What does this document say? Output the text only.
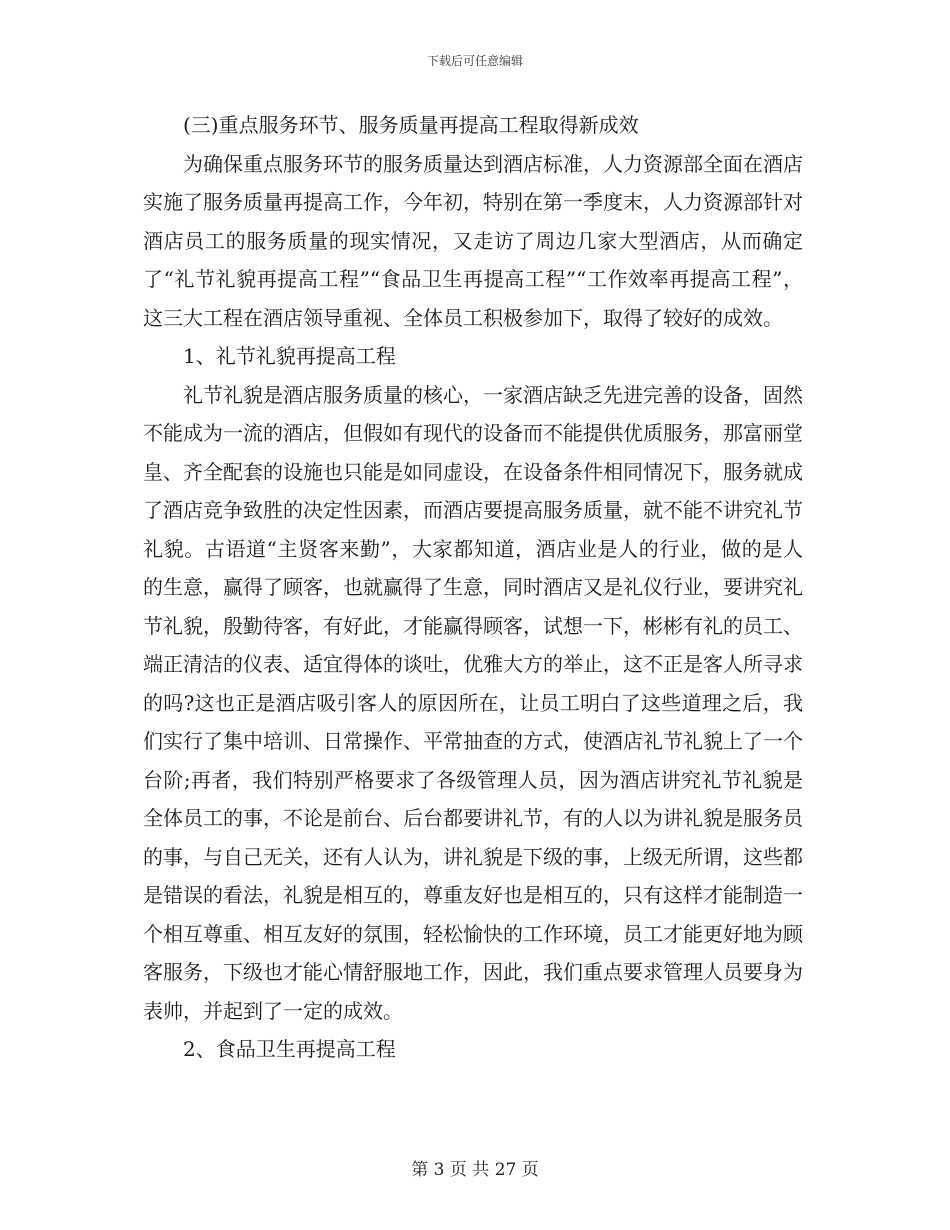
下载后可任意编辑

(三)重点服务环节、服务质量再提高工程取得新成效

为确保重点服务环节的服务质量达到酒店标准，人力资源部全面在酒店实施了服务质量再提高工作，今年初，特别在第一季度末，人力资源部针对酒店员工的服务质量的现实情况，又走访了周边几家大型酒店，从而确定了“礼节礼貌再提高工程”“食品卫生再提高工程”“工作效率再提高工程”，这三大工程在酒店领导重视、全体员工积极参加下，取得了较好的成效。

1、礼节礼貌再提高工程

礼节礼貌是酒店服务质量的核心，一家酒店缺乏先进完善的设备，固然不能成为一流的酒店，但假如有现代的设备而不能提供优质服务，那富丽堂皇、齐全配套的设施也只能是如同虚设，在设备条件相同情况下，服务就成了酒店竞争致胜的决定性因素，而酒店要提高服务质量，就不能不讲究礼节礼貌。古语道“主贤客来勤”，大家都知道，酒店业是人的行业，做的是人的生意，赢得了顾客，也就赢得了生意，同时酒店又是礼仪行业，要讲究礼节礼貌，殷勤待客，有好此，才能赢得顾客，试想一下，彬彬有礼的员工、端正清洁的仪表、适宜得体的谈吐，优雅大方的举止，这不正是客人所寻求的吗?这也正是酒店吸引客人的原因所在，让员工明白了这些道理之后，我们实行了集中培训、日常操作、平常抽查的方式，使酒店礼节礼貌上了一个台阶;再者，我们特别严格要求了各级管理人员，因为酒店讲究礼节礼貌是全体员工的事，不论是前台、后台都要讲礼节，有的人以为讲礼貌是服务员的事，与自己无关，还有人认为，讲礼貌是下级的事，上级无所谓，这些都是错误的看法，礼貌是相互的，尊重友好也是相互的，只有这样才能制造一个相互尊重、相互友好的氛围，轻松愉快的工作环境，员工才能更好地为顾客服务，下级也才能心情舒服地工作，因此，我们重点要求管理人员要身为表帅，并起到了一定的成效。

2、食品卫生再提高工程

第 3 页 共 27 页
